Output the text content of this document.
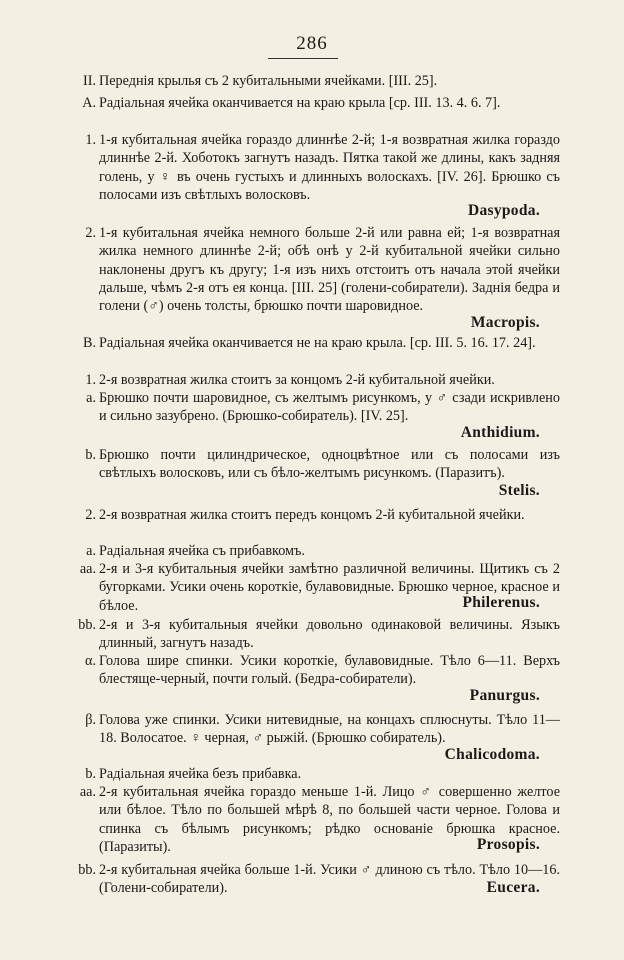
286
II. Переднія крылья съ 2 кубитальными ячейками. [III. 25].
A. Радіальная ячейка оканчивается на краю крыла [ср. III. 13. 4. 6. 7].
1. 1-я кубитальная ячейка гораздо длиннѣе 2-й; 1-я возвратная жилка гораздо длиннѣе 2-й. Хоботокъ загнутъ назадъ. Пятка такой же длины, какъ задняя голень, у ♀ въ очень густыхъ и длинныхъ волоскахъ. [IV. 26]. Брюшко съ полосами изъ свѣтлыхъ волосковъ.
Dasypoda.
2. 1-я кубитальная ячейка немного больше 2-й или равна ей; 1-я возвратная жилка немного длиннѣе 2-й; обѣ онѣ у 2-й кубитальной ячейки сильно наклонены другъ къ другу; 1-я изъ нихъ отстоитъ отъ начала этой ячейки дальше, чѣмъ 2-я отъ ея конца. [III. 25] (голени-собиратели). Заднія бедра и голени (♂) очень толсты, брюшко почти шаровидное.
Macropis.
B. Радіальная ячейка оканчивается не на краю крыла. [ср. III. 5. 16. 17. 24].
1. 2-я возвратная жилка стоитъ за концомъ 2-й кубитальной ячейки.
a. Брюшко почти шаровидное, съ желтымъ рисункомъ, у ♂ сзади искривлено и сильно зазубрено. (Брюшко-собиратель). [IV. 25].
Anthidium.
b. Брюшко почти цилиндрическое, одноцвѣтное или съ полосами изъ свѣтлыхъ волосковъ, или съ бѣло-желтымъ рисункомъ. (Паразитъ).
Stelis.
2. 2-я возвратная жилка стоитъ передъ концомъ 2-й кубитальной ячейки.
a. Радіальная ячейка съ прибавкомъ.
aa. 2-я и 3-я кубитальныя ячейки замѣтно различной величины. Щитикъ съ 2 бугорками. Усики очень короткіе, булавовидные. Брюшко черное, красное и бѣлое.	Philerenus.
bb. 2-я и 3-я кубитальныя ячейки довольно одинаковой величины. Языкъ длинный, загнутъ назадъ.
α. Голова шире спинки. Усики короткіе, булавовидные. Тѣло 6—11. Верхъ блестяще-черный, почти голый. (Бедра-собиратели).
Panurgus.
β. Голова уже спинки. Усики нитевидные, на концахъ сплюснуты. Тѣло 11—18. Волосатое. ♀ черная, ♂ рыжій. (Брюшко собиратель).
Chalicodoma.
b. Радіальная ячейка безъ прибавка.
aa. 2-я кубитальная ячейка гораздо меньше 1-й. Лицо ♂ совершенно желтое или бѣлое. Тѣло по большей мѣрѣ 8, по большей части черное. Голова и спинка съ бѣлымъ рисункомъ; рѣдко основаніе брюшка красное. (Паразиты).	Prosopis.
bb. 2-я кубитальная ячейка больше 1-й. Усики ♂ длиною съ тѣло. Тѣло 10—16. (Голени-собиратели).	Eucera.
